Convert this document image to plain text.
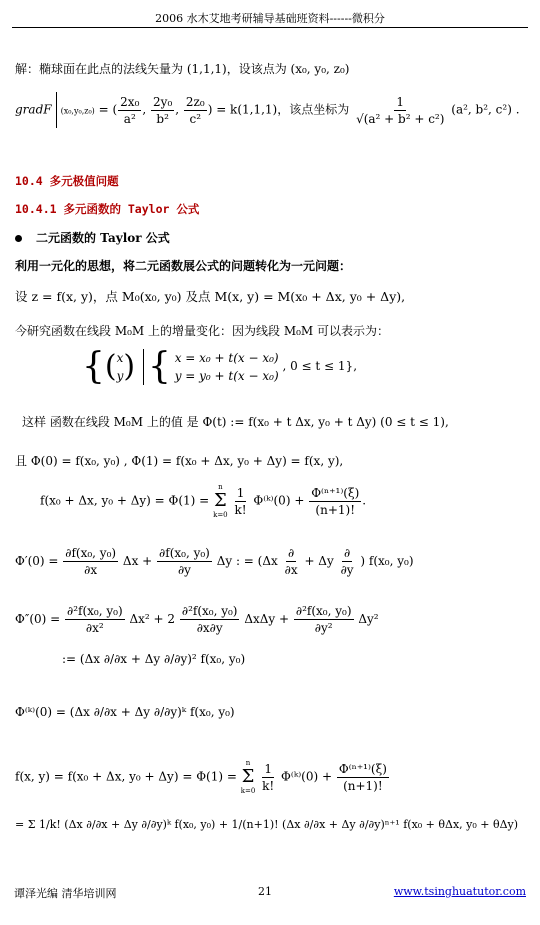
2006 水木艾地考研辅导基础班资料------微积分
解：椭球面在此点的法线矢量为 (1,1,1)，设该点为 (x₀, y₀, z₀)
gradF (x₀,y₀,z₀) = ( $\frac{\text{2x₀}}{\text{a²}}$ , $\frac{\text{2y₀}}{\text{b²}}$ , $\frac{\text{2z₀}}{\text{c²}}$ ) = k(1,1,1)，该点坐标为 $\frac{1}{\text{√(a² + b² + c²)}} (a^2$, b², c²) .
10.4 多元极值问题
10.4.1 多元函数的 Taylor 公式
二元函数的 Taylor 公式
利用一元化的思想，将二元函数展公式的问题转化为一元问题：
设 z = f(x, y)，点 M₀(x₀, y₀) 及点 M(x, y) = M(x₀ + Δx, y₀ + Δy),
今研究函数在线段 M₀M 上的增量变化：因为线段 M₀M 可以表示为：
{( x
y ) { x = x₀ + t(x − x₀)
y = y₀ + t(x − x₀)
, 0 ≤ t ≤ 1},
这样 函数在线段 M₀M 上的值 是 Φ(t) := f(x₀ + t Δx, y₀ + t Δy) (0 ≤ t ≤ 1),
且 Φ(0) = f(x₀, y₀) , Φ(1) = f(x₀ + Δx, y₀ + Δy) = f(x, y),
f(x₀ + Δx, y₀ + Δy) = Φ(1) =
n
Σ
k=0
$\frac{1}{k!}$ Φ⁽ᵏ⁾(0) + $\frac{\text{Φ⁽ⁿ⁺¹⁾(ξ)}}{(n+1)!}$ .
$\Phi'(0) = \frac{\text{∂f(x₀, y₀)}}{\partial x}$ $\Delta x + \frac{\text{∂f(x₀, y₀)}}{\partial y}$ Δy : = ($\Delta x \frac{\partial}{\partial x} + \Delta y \frac{\partial}{\partial y}$ ) f(x₀, y₀)
$\Phi''(0) = \frac{\text{∂²f(x₀, y₀)}}{\text{∂x²}} \Delta x^2 + 2 \frac{\text{∂²f(x₀, y₀)}}{\partial x\partial y}$ $\Delta x\Delta y + \frac{\text{∂²f(x₀, y₀)}}{\text{∂y²}} \Delta y^2$
:= (Δx ∂/∂x + Δy ∂/∂y)² f(x₀, y₀)
Φ⁽ᵏ⁾(0) = (Δx ∂/∂x + Δy ∂/∂y)ᵏ f(x₀, y₀)
f(x, y) = f(x₀ + Δx, y₀ + Δy) = Φ(1) =
n
Σ
k=0
$\frac{1}{k!}$ Φ⁽ᵏ⁾(0) + $\frac{\text{Φ⁽ⁿ⁺¹⁾(ξ)}}{(n+1)!}$
= Σ 1/k! (Δx ∂/∂x + Δy ∂/∂y)ᵏ f(x₀, y₀) + 1/(n+1)! (Δx ∂/∂x + Δy ∂/∂y)ⁿ⁺¹ f(x₀ + θΔx, y₀ + θΔy)
谭泽光编 清华培训网	21	www.tsinghuatutor.com
